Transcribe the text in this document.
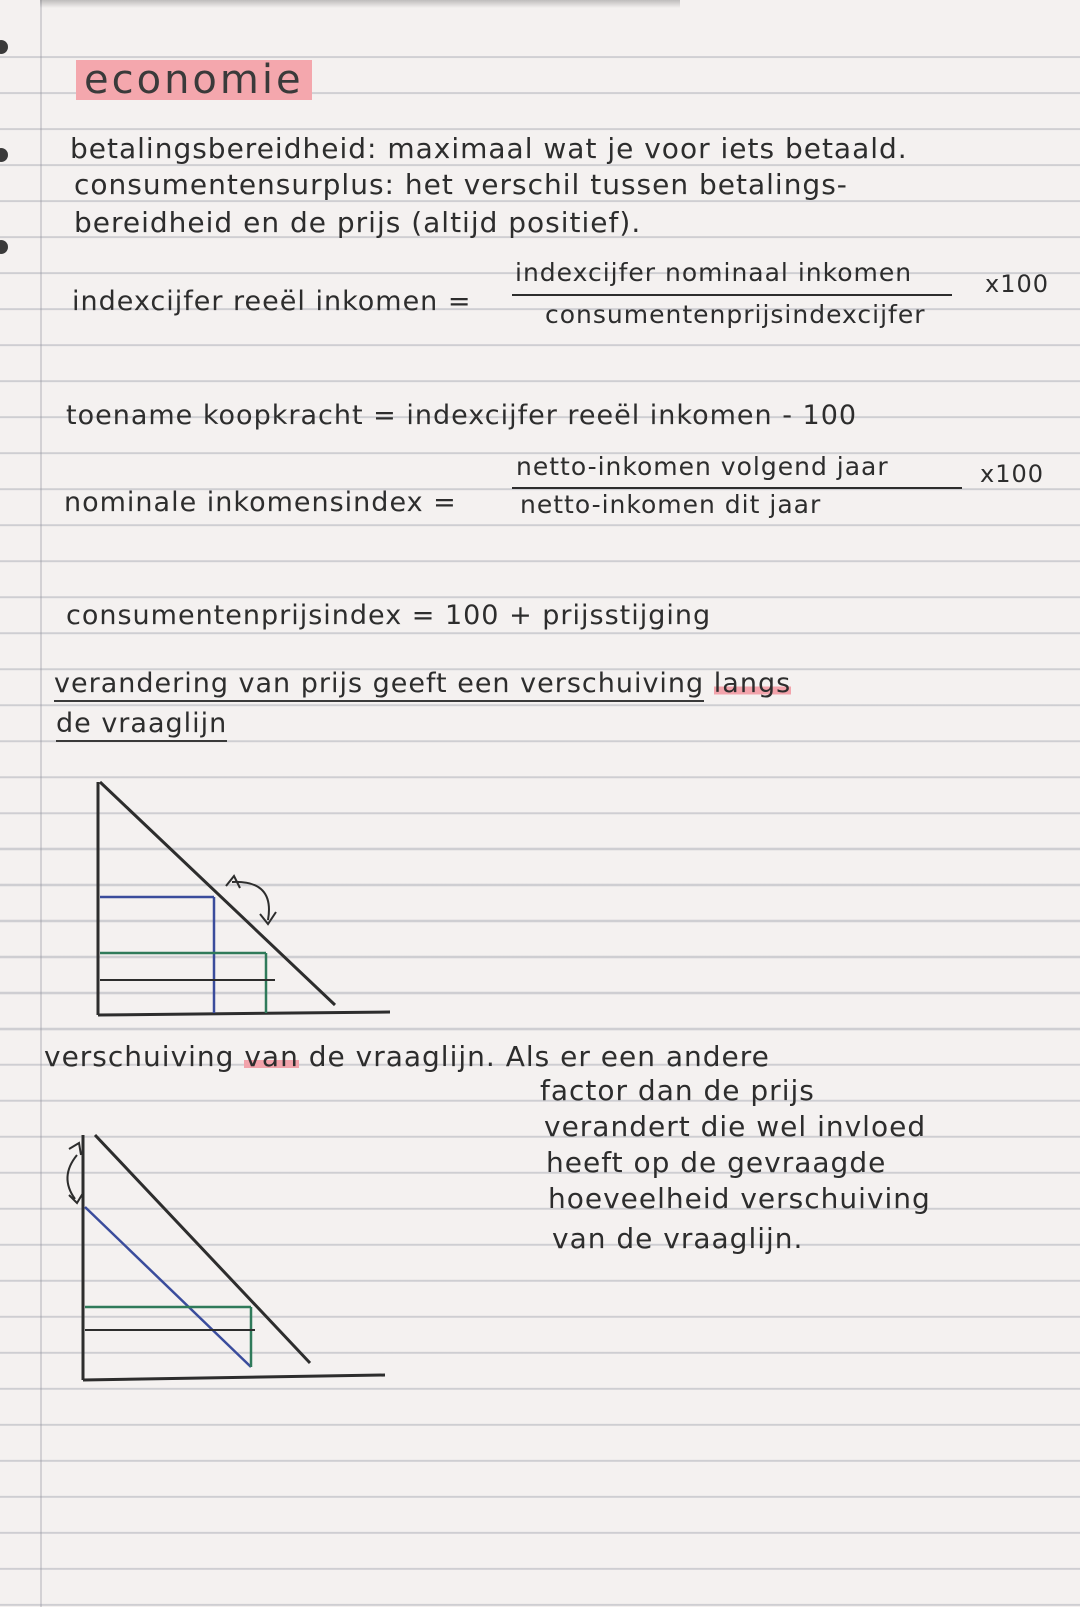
economie
betalingsbereidheid: maximaal wat je voor iets betaald.
consumentensurplus: het verschil tussen betalings-
bereidheid en de prijs (altijd positief).
indexcijfer reeël inkomen =
indexcijfer nominaal inkomen
consumentenprijsindexcijfer
x100
toename koopkracht = indexcijfer reeël inkomen - 100
nominale inkomensindex =
netto-inkomen volgend jaar
netto-inkomen dit jaar
x100
consumentenprijsindex = 100 + prijsstijging
verandering van prijs geeft een verschuiving langs
de vraaglijn
verschuiving van de vraaglijn. Als er een andere
factor dan de prijs
verandert die wel invloed
heeft op de gevraagde
hoeveelheid verschuiving
van de vraaglijn.
